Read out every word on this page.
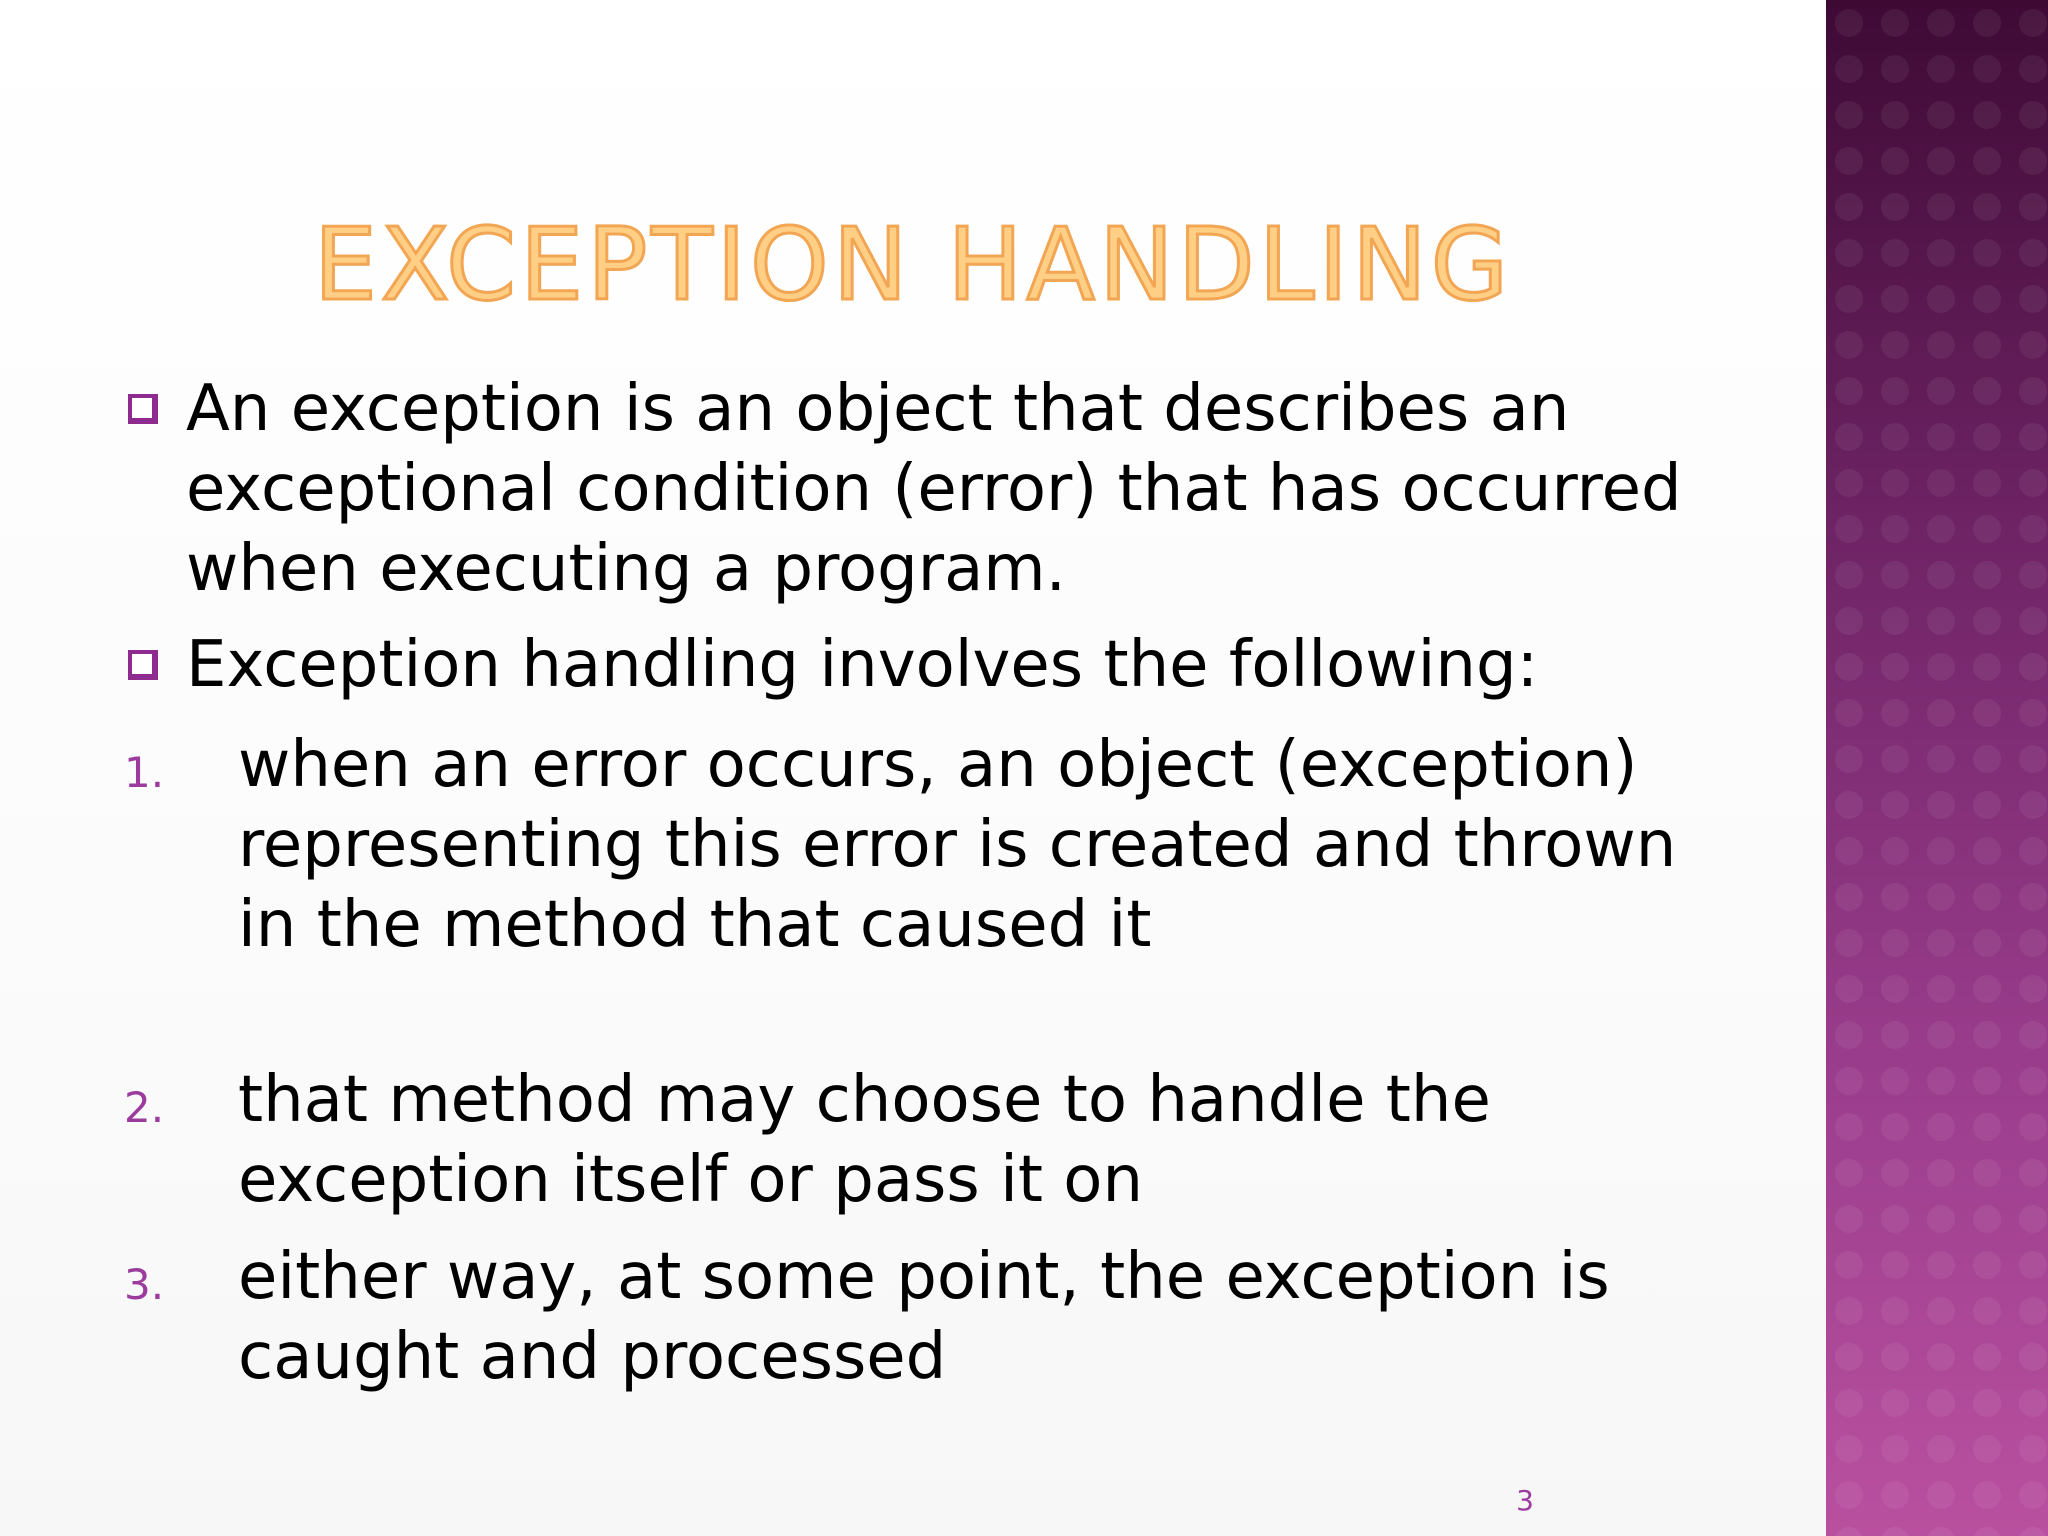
EXCEPTION HANDLING
An exception is an object that describes an exceptional condition (error) that has occurred when executing a program.
Exception handling involves the following:
1.	when an error occurs, an object (exception) representing this error is created and thrown in the method that caused it
2.	that method may choose to handle the exception itself or pass it on
3.	either way, at some point, the exception is caught and processed
3
